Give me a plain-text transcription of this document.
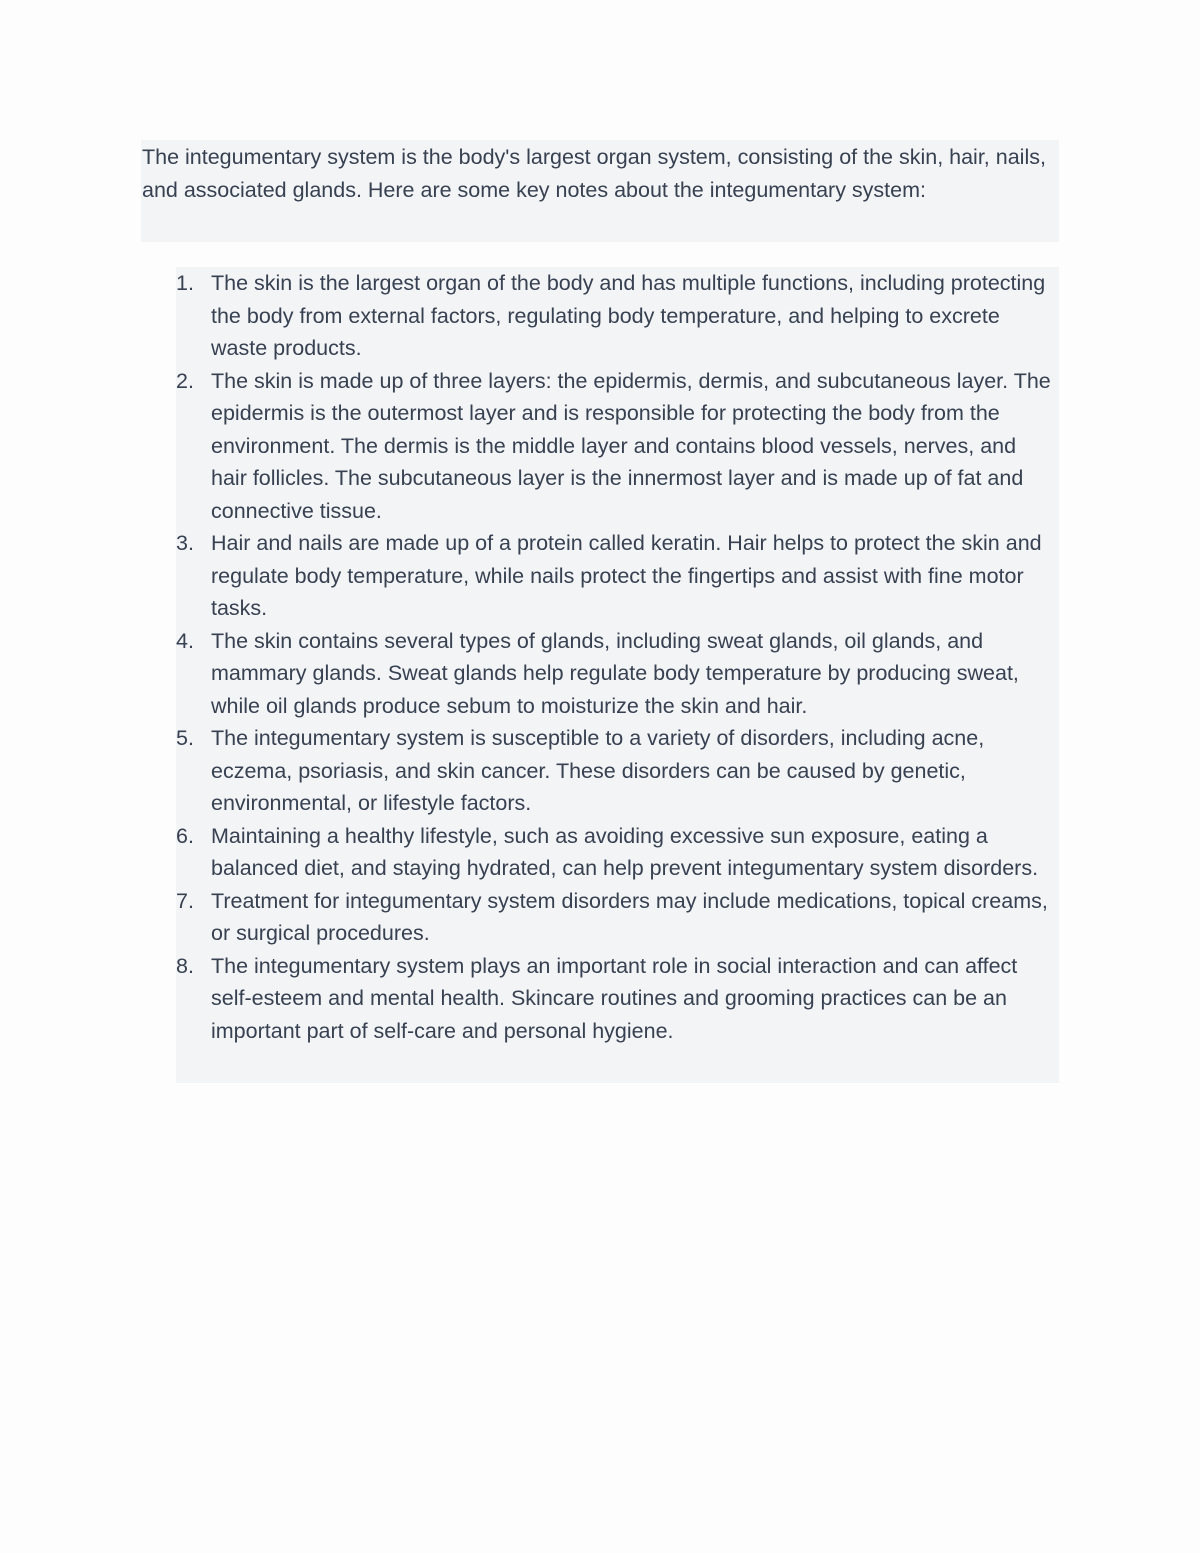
The integumentary system is the body's largest organ system, consisting of the skin, hair, nails, and associated glands. Here are some key notes about the integumentary system:

1. The skin is the largest organ of the body and has multiple functions, including protecting the body from external factors, regulating body temperature, and helping to excrete waste products.
2. The skin is made up of three layers: the epidermis, dermis, and subcutaneous layer. The epidermis is the outermost layer and is responsible for protecting the body from the environment. The dermis is the middle layer and contains blood vessels, nerves, and hair follicles. The subcutaneous layer is the innermost layer and is made up of fat and connective tissue.
3. Hair and nails are made up of a protein called keratin. Hair helps to protect the skin and regulate body temperature, while nails protect the fingertips and assist with fine motor tasks.
4. The skin contains several types of glands, including sweat glands, oil glands, and mammary glands. Sweat glands help regulate body temperature by producing sweat, while oil glands produce sebum to moisturize the skin and hair.
5. The integumentary system is susceptible to a variety of disorders, including acne, eczema, psoriasis, and skin cancer. These disorders can be caused by genetic, environmental, or lifestyle factors.
6. Maintaining a healthy lifestyle, such as avoiding excessive sun exposure, eating a balanced diet, and staying hydrated, can help prevent integumentary system disorders.
7. Treatment for integumentary system disorders may include medications, topical creams, or surgical procedures.
8. The integumentary system plays an important role in social interaction and can affect self-esteem and mental health. Skincare routines and grooming practices can be an important part of self-care and personal hygiene.
